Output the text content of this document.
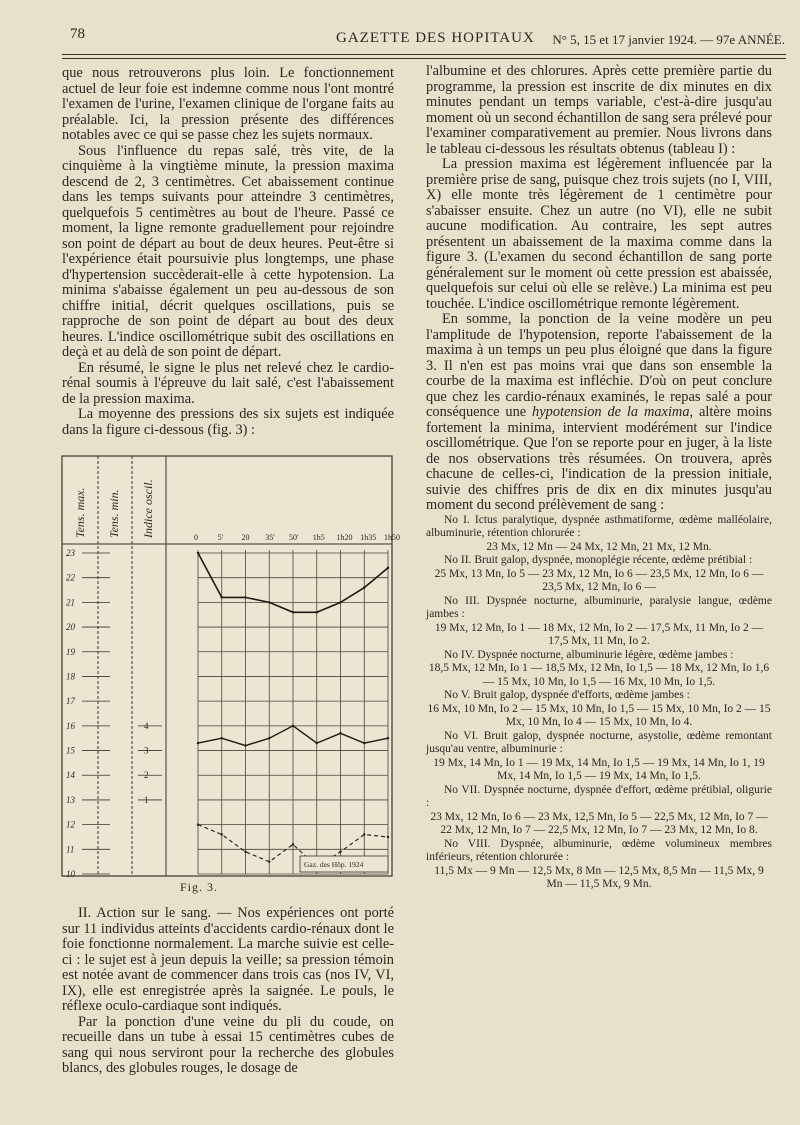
78	GAZETTE DES HOPITAUX N° 5, 15 et 17 janvier 1924. — 97e ANNÉE.

que nous retrouverons plus loin. Le fonctionnement actuel de leur foie est indemne comme nous l'ont montré l'examen de l'urine, l'examen clinique de l'organe faits au préalable. Ici, la pression présente des différences notables avec ce qui se passe chez les sujets normaux.

Sous l'influence du repas salé, très vite, de la cinquième à la vingtième minute, la pression maxima descend de 2, 3 centimètres. Cet abaissement continue dans les temps suivants pour atteindre 3 centimètres, quelquefois 5 centimètres au bout de l'heure. Passé ce moment, la ligne remonte graduellement pour rejoindre son point de départ au bout de deux heures. Peut-être si l'expérience était poursuivie plus longtemps, une phase d'hypertension succèderait-elle à cette hypotension. La minima s'abaisse également un peu au-dessous de son chiffre initial, décrit quelques oscillations, puis se rapproche de son point de départ au bout des deux heures. L'indice oscillométrique subit des oscillations en deçà et au delà de son point de départ.

En résumé, le signe le plus net relevé chez le cardio-rénal soumis à l'épreuve du lait salé, c'est l'abaissement de la pression maxima.

La moyenne des pressions des six sujets est indiquée dans la figure ci-dessous (fig. 3) :

23
22
21
20
19
18
17
16
15
14
13
12
11
10
4
3
2
1
Tens. max. Tens. min. Indice oscil.	0 5' 20 35' 50' 1h5 1h20 1h35 1h50
Gaz. des Hôp. 1924
Fig. 3.

II. Action sur le sang. — Nos expériences ont porté sur 11 individus atteints d'accidents cardio-rénaux dont le foie fonctionne normalement. La marche suivie est celle-ci : le sujet est à jeun depuis la veille; sa pression témoin est notée avant de commencer dans trois cas (nos IV, VI, IX), elle est enregistrée après la saignée. Le pouls, le réflexe oculo-cardiaque sont indiqués.

Par la ponction d'une veine du pli du coude, on recueille dans un tube à essai 15 centimètres cubes de sang qui nous serviront pour la recherche des globules blancs, des globules rouges, le dosage de

l'albumine et des chlorures. Après cette première partie du programme, la pression est inscrite de dix minutes en dix minutes pendant un temps variable, c'est-à-dire jusqu'au moment où un second échantillon de sang sera prélevé pour l'examiner comparativement au premier. Nous livrons dans le tableau ci-dessous les résultats obtenus (tableau I) :

La pression maxima est légèrement influencée par la première prise de sang, puisque chez trois sujets (no I, VIII, X) elle monte très légèrement de 1 centimètre pour s'abaisser ensuite. Chez un autre (no VI), elle ne subit aucune modification. Au contraire, les sept autres présentent un abaissement de la maxima comme dans la figure 3. (L'examen du second échantillon de sang porte généralement sur le moment où cette pression est abaissée, quelquefois sur celui où elle se relève.) La minima est peu touchée. L'indice oscillométrique remonte légèrement.

En somme, la ponction de la veine modère un peu l'amplitude de l'hypotension, reporte l'abaissement de la maxima à un temps un peu plus éloigné que dans la figure 3. Il n'en est pas moins vrai que dans son ensemble la courbe de la maxima est infléchie. D'où on peut conclure que chez les cardio-rénaux examinés, le repas salé a pour conséquence une hypotension de la maxima, altère moins fortement la minima, intervient modérément sur l'indice oscillométrique. Que l'on se reporte pour en juger, à la liste de nos observations très résumées. On trouvera, après chacune de celles-ci, l'indication de la pression initiale, suivie des chiffres pris de dix en dix minutes jusqu'au moment du second prélèvement de sang :

No I. Ictus paralytique, dyspnée asthmatiforme, œdème malléolaire, albuminurie, rétention chlorurée :

23 Mx, 12 Mn — 24 Mx, 12 Mn, 21 Mx, 12 Mn.

No II. Bruit galop, dyspnée, monoplégie récente, œdème prétibial :

25 Mx, 13 Mn, Io 5 — 23 Mx, 12 Mn, Io 6 — 23,5 Mx, 12 Mn, Io 6 — 23,5 Mx, 12 Mn, Io 6 —

No III. Dyspnée nocturne, albuminurie, paralysie langue, œdème jambes :

19 Mx, 12 Mn, Io 1 — 18 Mx, 12 Mn, Io 2 — 17,5 Mx, 11 Mn, Io 2 — 17,5 Mx, 11 Mn, Io 2.

No IV. Dyspnée nocturne, albuminurie légère, œdème jambes :

18,5 Mx, 12 Mn, Io 1 — 18,5 Mx, 12 Mn, Io 1,5 — 18 Mx, 12 Mn, Io 1,6 — 15 Mx, 10 Mn, Io 1,5 — 16 Mx, 10 Mn, Io 1,5.

No V. Bruit galop, dyspnée d'efforts, œdème jambes :

16 Mx, 10 Mn, Io 2 — 15 Mx, 10 Mn, Io 1,5 — 15 Mx, 10 Mn, Io 2 — 15 Mx, 10 Mn, Io 4 — 15 Mx, 10 Mn, Io 4.

No VI. Bruit galop, dyspnée nocturne, asystolie, œdème remontant jusqu'au ventre, albuminurie :

19 Mx, 14 Mn, Io 1 — 19 Mx, 14 Mn, Io 1,5 — 19 Mx, 14 Mn, Io 1, 19 Mx, 14 Mn, Io 1,5 — 19 Mx, 14 Mn, Io 1,5.

No VII. Dyspnée nocturne, dyspnée d'effort, œdème prétibial, oligurie :

23 Mx, 12 Mn, Io 6 — 23 Mx, 12,5 Mn, Io 5 — 22,5 Mx, 12 Mn, Io 7 — 22 Mx, 12 Mn, Io 7 — 22,5 Mx, 12 Mn, Io 7 — 23 Mx, 12 Mn, Io 8.

No VIII. Dyspnée, albuminurie, œdème volumineux membres inférieurs, rétention chlorurée :

11,5 Mx — 9 Mn — 12,5 Mx, 8 Mn — 12,5 Mx, 8,5 Mn — 11,5 Mx, 9 Mn — 11,5 Mx, 9 Mn.
